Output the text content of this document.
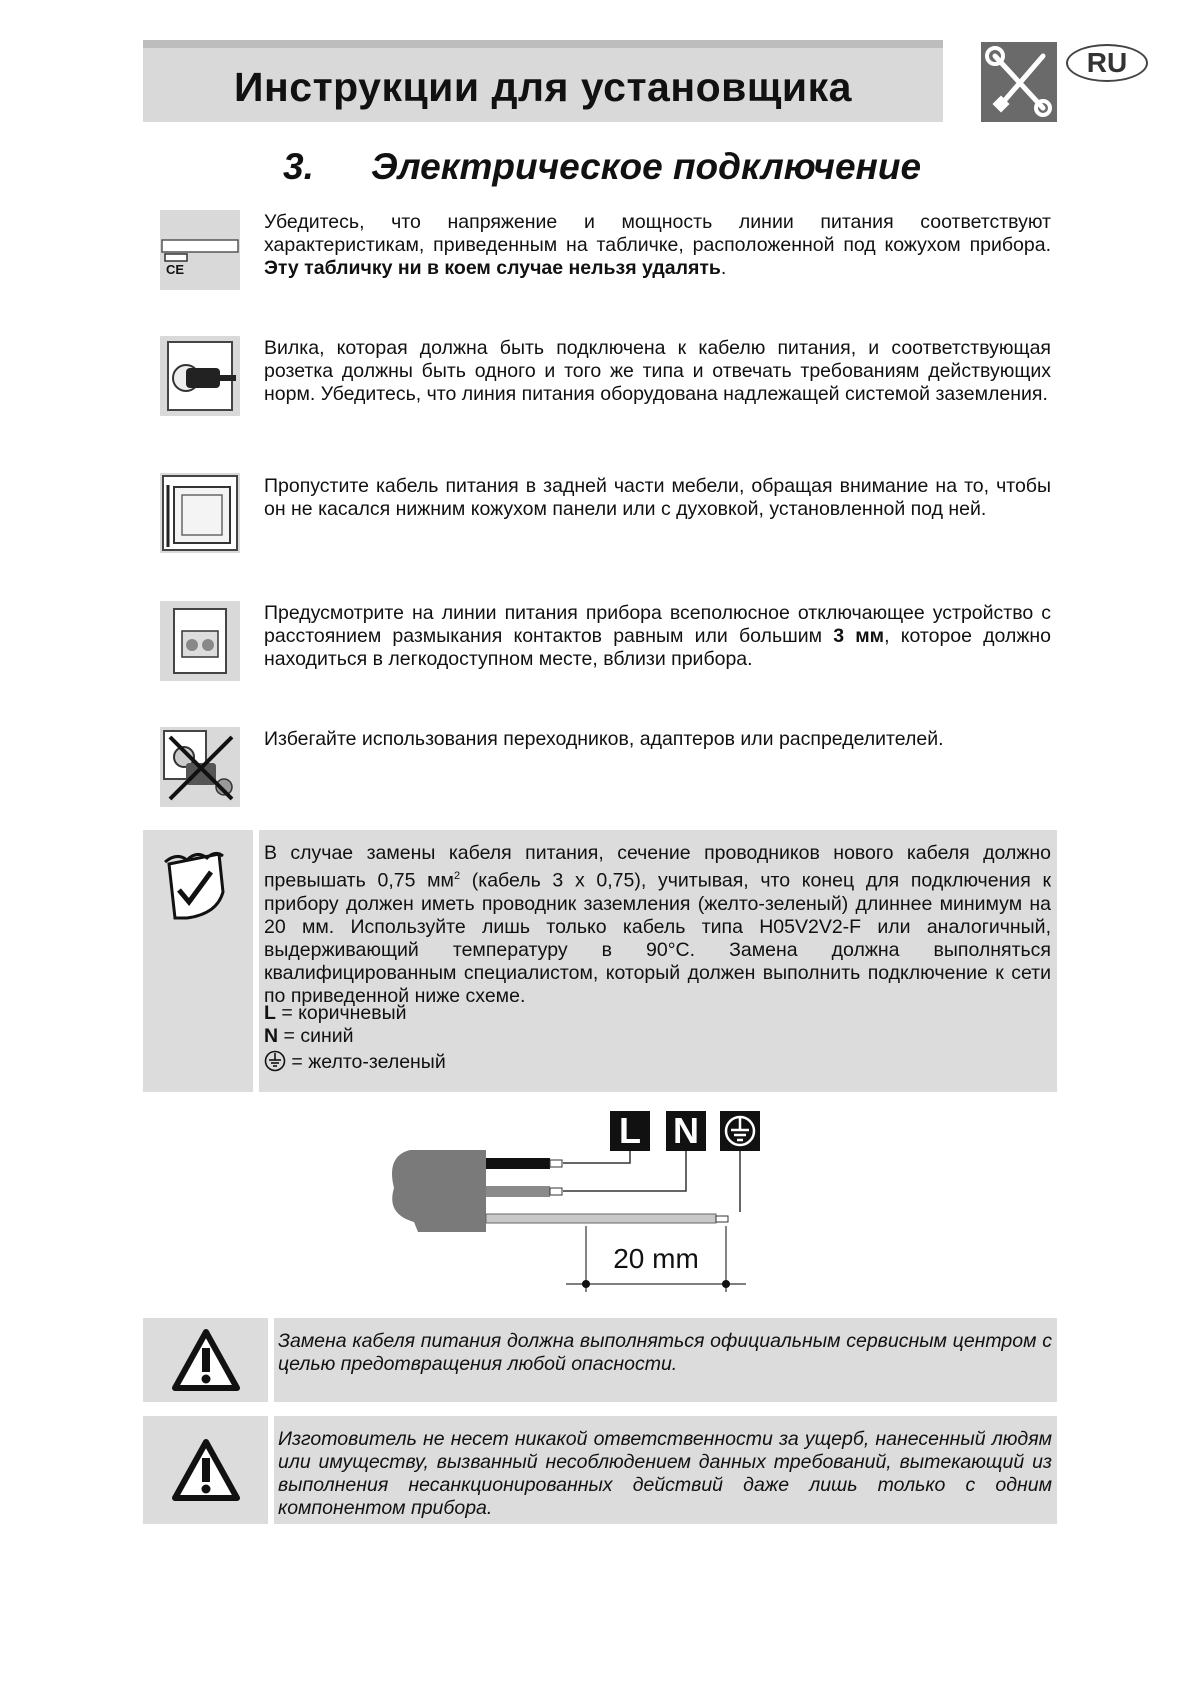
Инструкции для установщика
RU
3. Электрическое подключение
CE
Убедитесь, что напряжение и мощность линии питания соответствуют характеристикам, приведенным на табличке, расположенной под кожухом прибора. Эту табличку ни в коем случае нельзя удалять.
Вилка, которая должна быть подключена к кабелю питания, и соответствующая розетка должны быть одного и того же типа и отвечать требованиям действующих норм. Убедитесь, что линия питания оборудована надлежащей системой заземления.
Пропустите кабель питания в задней части мебели, обращая внимание на то, чтобы он не касался нижним кожухом панели или с духовкой, установленной под ней.
Предусмотрите на линии питания прибора всеполюсное отключающее устройство с расстоянием размыкания контактов равным или большим 3 мм, которое должно находиться в легкодоступном месте, вблизи прибора.
Избегайте использования переходников, адаптеров или распределителей.
В случае замены кабеля питания, сечение проводников нового кабеля должно превышать 0,75 $мм^2$ (кабель 3 x 0,75), учитывая, что конец для подключения к прибору должен иметь проводник заземления (желто-зеленый) длиннее минимум на 20 мм. Используйте лишь только кабель типа H05V2V2-F или аналогичный, выдерживающий температуру в 90°C. Замена должна выполняться квалифицированным специалистом, который должен выполнить подключение к сети по приведенной ниже схеме.
L = коричневый
N = синий
= желто-зеленый
L N
20 mm
Замена кабеля питания должна выполняться официальным сервисным центром с целью предотвращения любой опасности.
Изготовитель не несет никакой ответственности за ущерб, нанесенный людям или имуществу, вызванный несоблюдением данных требований, вытекающий из выполнения несанкционированных действий даже лишь только с одним компонентом прибора.
